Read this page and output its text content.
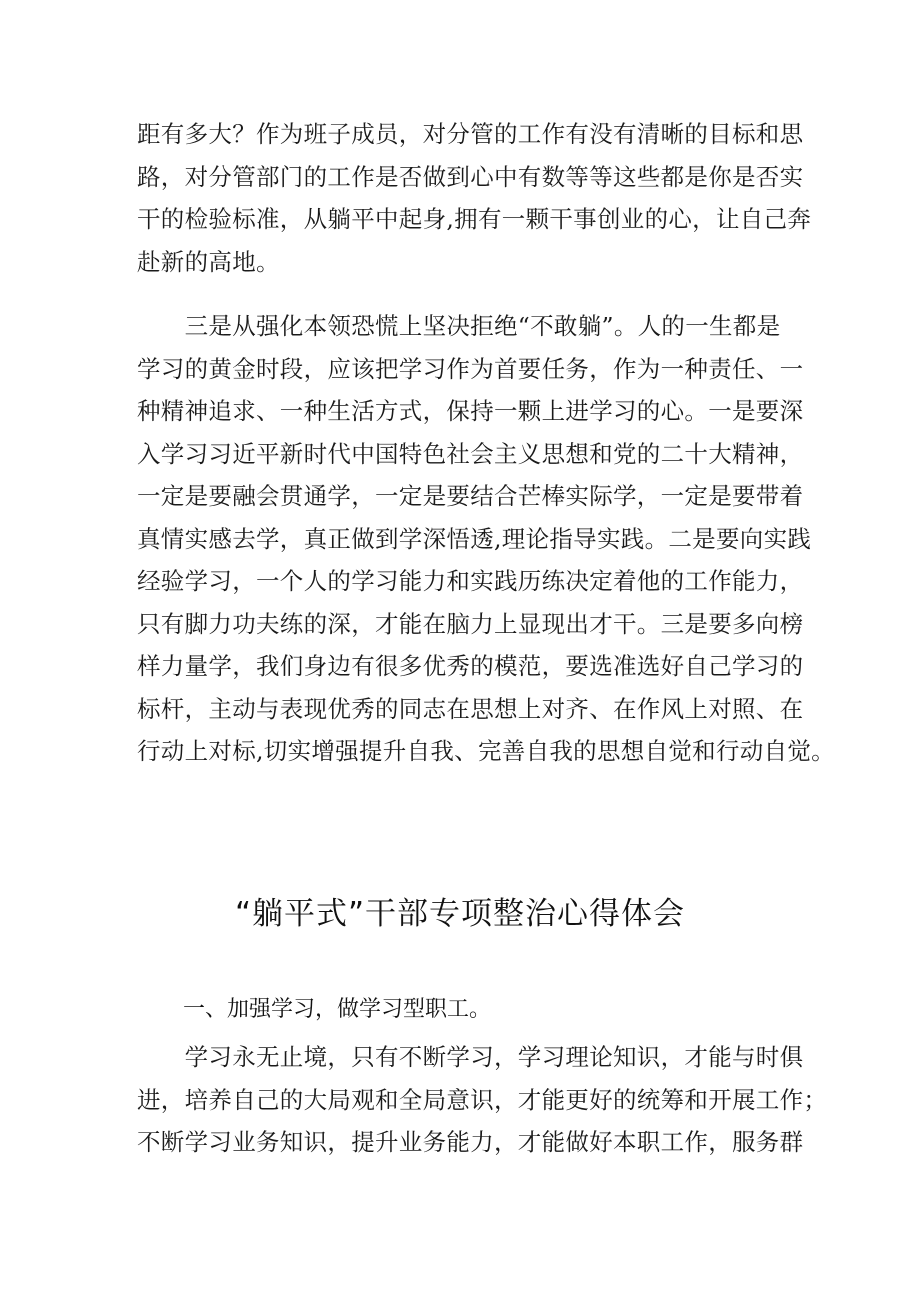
距有多大？作为班子成员，对分管的工作有没有清晰的目标和思
路，对分管部门的工作是否做到心中有数等等这些都是你是否实
干的检验标准，从躺平中起身,拥有一颗干事创业的心，让自己奔
赴新的高地。
　　三是从强化本领恐慌上坚决拒绝“不敢躺”。人的一生都是
学习的黄金时段，应该把学习作为首要任务，作为一种责任、一
种精神追求、一种生活方式，保持一颗上进学习的心。一是要深
入学习习近平新时代中国特色社会主义思想和党的二十大精神，
一定是要融会贯通学，一定是要结合芒棒实际学，一定是要带着
真情实感去学，真正做到学深悟透,理论指导实践。二是要向实践
经验学习，一个人的学习能力和实践历练决定着他的工作能力，
只有脚力功夫练的深，才能在脑力上显现出才干。三是要多向榜
样力量学，我们身边有很多优秀的模范，要选准选好自己学习的
标杆，主动与表现优秀的同志在思想上对齐、在作风上对照、在
行动上对标,切实增强提升自我、完善自我的思想自觉和行动自觉。
“躺平式”干部专项整治心得体会
一、加强学习，做学习型职工。
　　学习永无止境，只有不断学习，学习理论知识，才能与时俱
进，培养自己的大局观和全局意识，才能更好的统筹和开展工作；
不断学习业务知识，提升业务能力，才能做好本职工作，服务群
